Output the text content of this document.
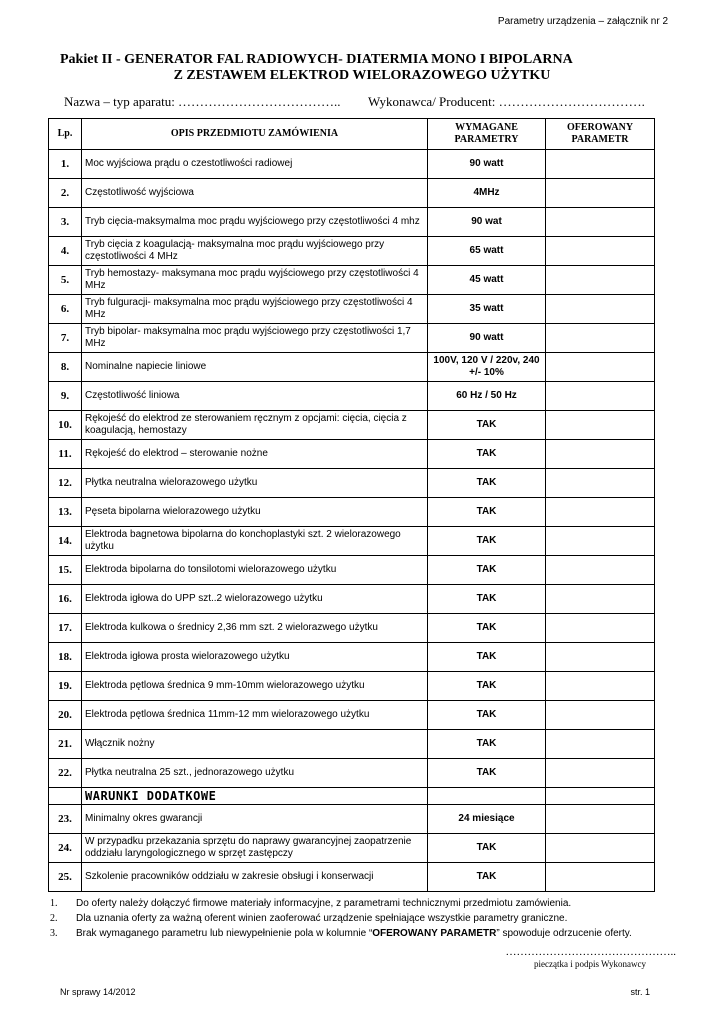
Parametry urządzenia – załącznik nr 2
Pakiet II - GENERATOR FAL RADIOWYCH- DIATERMIA MONO I BIPOLARNA
Z ZESTAWEM ELEKTROD WIELORAZOWEGO UŻYTKU
Nazwa – typ aparatu: ……………………………….. Wykonawca/ Producent: …………………………….
Lp.	OPIS PRZEDMIOTU ZAMÓWIENIA	WYMAGANE PARAMETRY	OFEROWANY PARAMETR
1.	Moc wyjściowa prądu o czestotliwości radiowej	90 watt	
2.	Częstotliwość wyjściowa	4MHz	
3.	Tryb cięcia-maksymalma moc prądu wyjściowego przy częstotliwości 4 mhz	90 wat	
4.	Tryb cięcia z koagulacją- maksymalna moc prądu wyjściowego przy częstotliwości 4 MHz	65 watt	
5.	Tryb hemostazy- maksymana moc prądu wyjściowego przy częstotliwości 4 MHz	45 watt	
6.	Tryb fulguracji- maksymalna moc prądu wyjściowego przy częstotliwości 4 MHz	35 watt	
7.	Tryb bipolar- maksymalna moc prądu wyjściowego przy częstotliwości 1,7 MHz	90 watt	
8.	Nominalne napiecie liniowe	100V, 120 V / 220v, 240 +/- 10%	
9.	Częstotliwość liniowa	60 Hz / 50 Hz	
10.	Rękojeść do elektrod ze sterowaniem ręcznym z opcjami: cięcia, cięcia z koagulacją, hemostazy	TAK	
11.	Rękojeść do elektrod – sterowanie nożne	TAK	
12.	Płytka neutralna wielorazowego użytku	TAK	
13.	Pęseta bipolarna wielorazowego użytku	TAK	
14.	Elektroda bagnetowa bipolarna do konchoplastyki szt. 2 wielorazowego użytku	TAK	
15.	Elektroda bipolarna do tonsilotomi wielorazowego użytku	TAK	
16.	Elektroda igłowa do UPP szt..2 wielorazowego użytku	TAK	
17.	Elektroda kulkowa o średnicy 2,36 mm szt. 2 wielorazwego użytku	TAK	
18.	Elektroda igłowa prosta wielorazowego użytku	TAK	
19.	Elektroda pętlowa średnica 9 mm-10mm wielorazowego użytku	TAK	
20.	Elektroda pętlowa średnica 11mm-12 mm wielorazowego użytku	TAK	
21.	Włącznik nożny	TAK	
22.	Płytka neutralna 25 szt., jednorazowego użytku	TAK	
	WARUNKI DODATKOWE		
23.	Minimalny okres gwarancji	24 miesiące	
24.	W przypadku przekazania sprzętu do naprawy gwarancyjnej zaopatrzenie oddziału laryngologicznego w sprzęt zastępczy	TAK	
25.	Szkolenie pracowników oddziału w zakresie obsługi i konserwacji	TAK	
1.	Do oferty należy dołączyć firmowe materiały informacyjne, z parametrami technicznymi przedmiotu zamówienia.
2.	Dla uznania oferty za ważną oferent winien zaoferować urządzenie spełniające wszystkie parametry graniczne.
3.	Brak wymaganego parametru lub niewypełnienie pola w kolumnie “OFEROWANY PARAMETR” spowoduje odrzucenie oferty.
………………………………………..
pieczątka i podpis Wykonawcy
Nr sprawy 14/2012	str. 1
